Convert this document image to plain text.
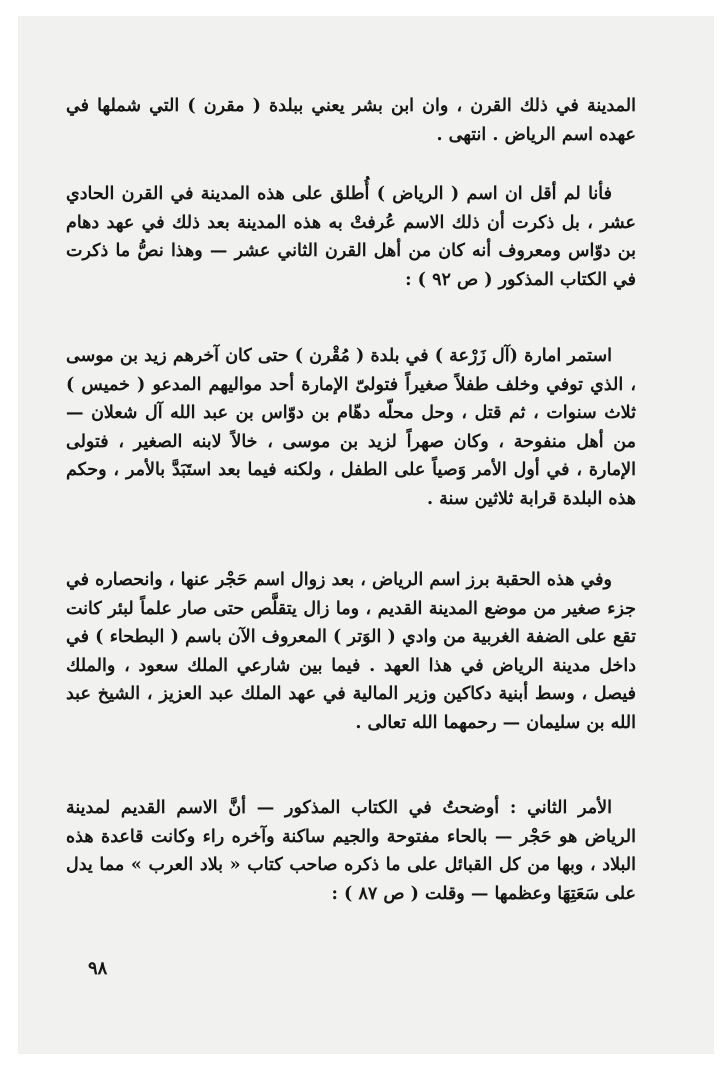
المدينة في ذلك القرن ، وان ابن بشر يعني ببلدة ( مقرن ) التي شملها في عهده اسم الرياض . انتهى .

فأنا لم أقل ان اسم ( الرياض ) أُطلق على هذه المدينة في القرن الحادي عشر ، بل ذكرت أن ذلك الاسم عُرفتْ به هذه المدينة بعد ذلك في عهد دهام بن دوّاس ومعروف أنه كان من أهل القرن الثاني عشر — وهذا نصُّ ما ذكرت في الكتاب المذكور ( ص ٩٢ ) :

استمر امارة (آل زَرْعة ) في بلدة ( مُقْرن ) حتى كان آخرهم زيد بن موسى ، الذي توفي وخلف طفلاً صغيراً فتولىّ الإمارة أحد مواليهم المدعو ( خميس ) ثلاث سنوات ، ثم قتل ، وحل محلّه دهّام بن دوّاس بن عبد الله آل شعلان — من أهل منفوحة ، وكان صهراً لزيد بن موسى ، خالاً لابنه الصغير ، فتولى الإمارة ، في أول الأمر وَصياً على الطفل ، ولكنه فيما بعد استَبَدَّ بالأمر ، وحكم هذه البلدة قرابة ثلاثين سنة .

وفي هذه الحقبة برز اسم الرياض ، بعد زوال اسم حَجْر عنها ، وانحصاره في جزء صغير من موضع المدينة القديم ، وما زال يتقلَّص حتى صار علماً لبئر كانت تقع على الضفة الغربية من وادي ( الوَتر ) المعروف الآن باسم ( البطحاء ) في داخل مدينة الرياض في هذا العهد . فيما بين شارعي الملك سعود ، والملك فيصل ، وسط أبنية دكاكين وزير المالية في عهد الملك عبد العزيز ، الشيخ عبد الله بن سليمان — رحمهما الله تعالى .

الأمر الثاني : أوضحتُ في الكتاب المذكور — أنَّ الاسم القديم لمدينة الرياض هو حَجْر — بالحاء مفتوحة والجيم ساكنة وآخره راء وكانت قاعدة هذه البلاد ، وبها من كل القبائل على ما ذكره صاحب كتاب « بلاد العرب » مما يدل على سَعَتِهَا وعظمها — وقلت ( ص ٨٧ ) :

٩٨
